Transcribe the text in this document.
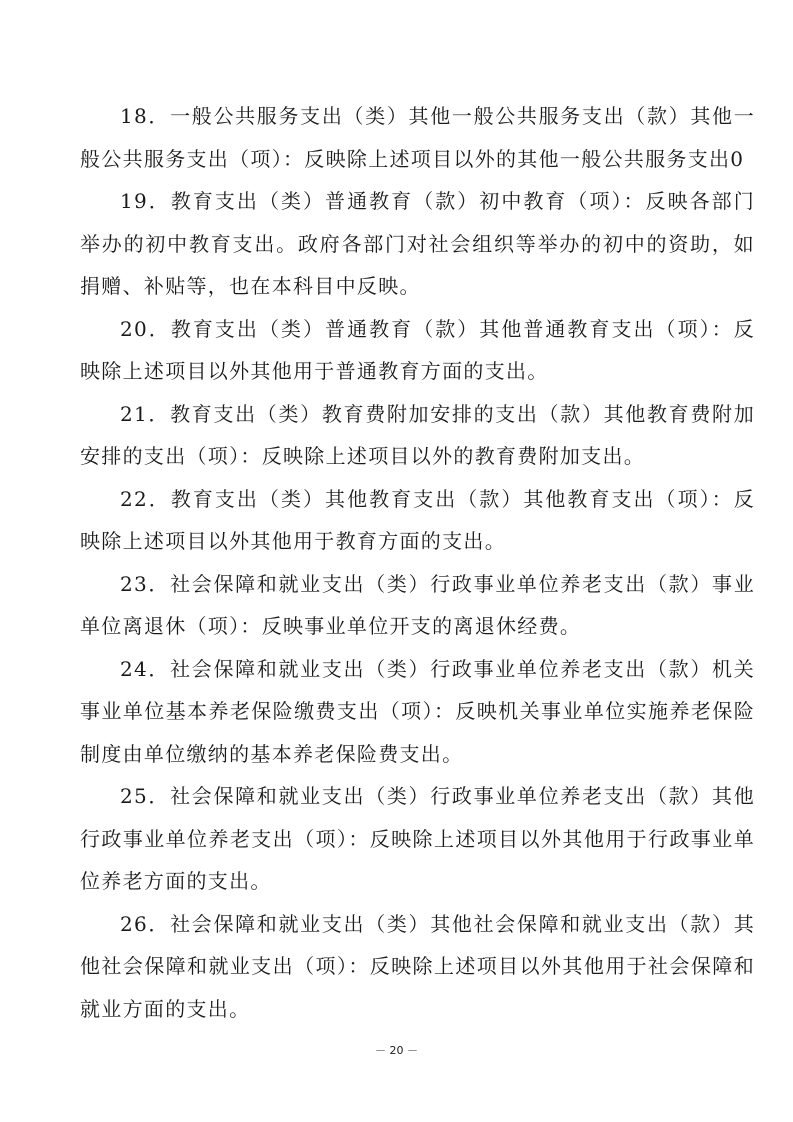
18．一般公共服务支出（类）其他一般公共服务支出（款）其他一般公共服务支出（项）：反映除上述项目以外的其他一般公共服务支出0

19．教育支出（类）普通教育（款）初中教育（项）：反映各部门举办的初中教育支出。政府各部门对社会组织等举办的初中的资助，如捐赠、补贴等，也在本科目中反映。

20．教育支出（类）普通教育（款）其他普通教育支出（项）：反映除上述项目以外其他用于普通教育方面的支出。

21．教育支出（类）教育费附加安排的支出（款）其他教育费附加安排的支出（项）：反映除上述项目以外的教育费附加支出。

22．教育支出（类）其他教育支出（款）其他教育支出（项）：反映除上述项目以外其他用于教育方面的支出。

23．社会保障和就业支出（类）行政事业单位养老支出（款）事业单位离退休（项）：反映事业单位开支的离退休经费。

24．社会保障和就业支出（类）行政事业单位养老支出（款）机关事业单位基本养老保险缴费支出（项）：反映机关事业单位实施养老保险制度由单位缴纳的基本养老保险费支出。

25．社会保障和就业支出（类）行政事业单位养老支出（款）其他行政事业单位养老支出（项）：反映除上述项目以外其他用于行政事业单位养老方面的支出。

26．社会保障和就业支出（类）其他社会保障和就业支出（款）其他社会保障和就业支出（项）：反映除上述项目以外其他用于社会保障和就业方面的支出。

－ 20 －
